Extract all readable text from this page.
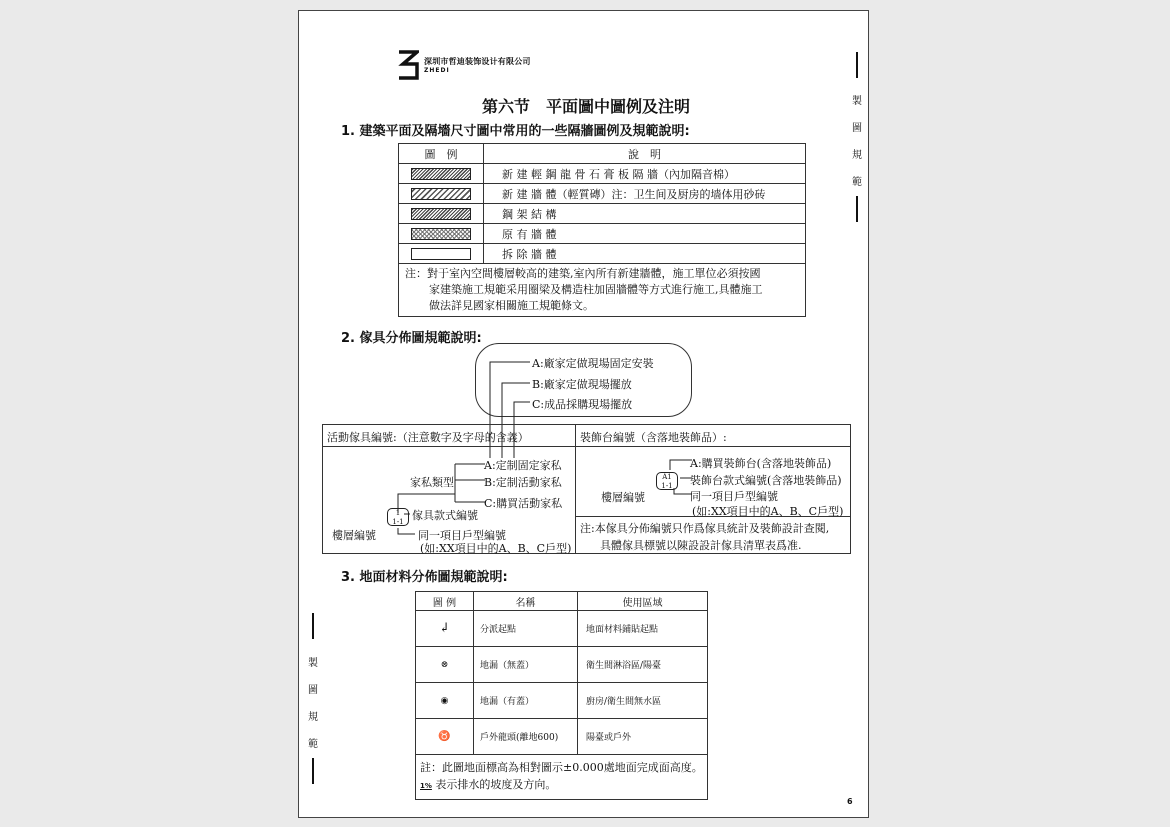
深圳市哲迪装饰设计有限公司
ZHEDI
製
圖
規
範
製
圖
規
範
第六节　平面圖中圖例及注明
1. 建築平面及隔墻尺寸圖中常用的一些隔牆圖例及規範說明:
圖　例	說　明
	新 建 輕 鋼 龍 骨 石 膏 板 隔 牆（內加隔音棉）
	新 建 牆 體（輕質磚）注：卫生间及厨房的墙体用砂砖
	鋼 架 結 構
	原 有 牆 體
	拆 除 牆 體

注：對于室內空間樓層較高的建築,室內所有新建牆體，施工單位必須按國
家建築施工規範采用圈梁及構造柱加固牆體等方式進行施工,具體施工
做法詳見國家相關施工規範條文。	
2. 傢具分佈圖規範說明:
A:廠家定做現場固定安裝
B:廠家定做現場擺放
C:成品採購現場擺放
活動傢具編號:（注意數字及字母的含義）	裝飾台編號（含落地裝飾品）:
1
1-1
A:定制固定家私
B:定制活動家私
C:購買活動家私
家私類型
傢具款式編號
樓層編號	同一項目戶型編號
(如:XX項目中的A、B、C戶型)
A1
1-1
A:購買裝飾台(含落地裝飾品)
裝飾台款式編號(含落地裝飾品)
同一項目戶型編號
樓層編號
(如:XX項目中的A、B、C戶型)
注:本傢具分佈編號只作爲傢具統計及裝飾設計查閱,
具體傢具標號以陳設設計傢具清單表爲准.
3. 地面材料分佈圖規範說明:
圖 例	名稱	使用區域
↲	分派起點	地面材料鋪貼起點
⊗	地漏（無蓋）	衛生間淋浴區/陽臺
◉	地漏（有蓋）	廚房/衛生間無水區
♉	戶外龍頭(離地600)	陽臺或戶外

註：此圖地面標高為相對圖示±0.000處地面完成面高度。
1% 表示排水的坡度及方向。		
6
